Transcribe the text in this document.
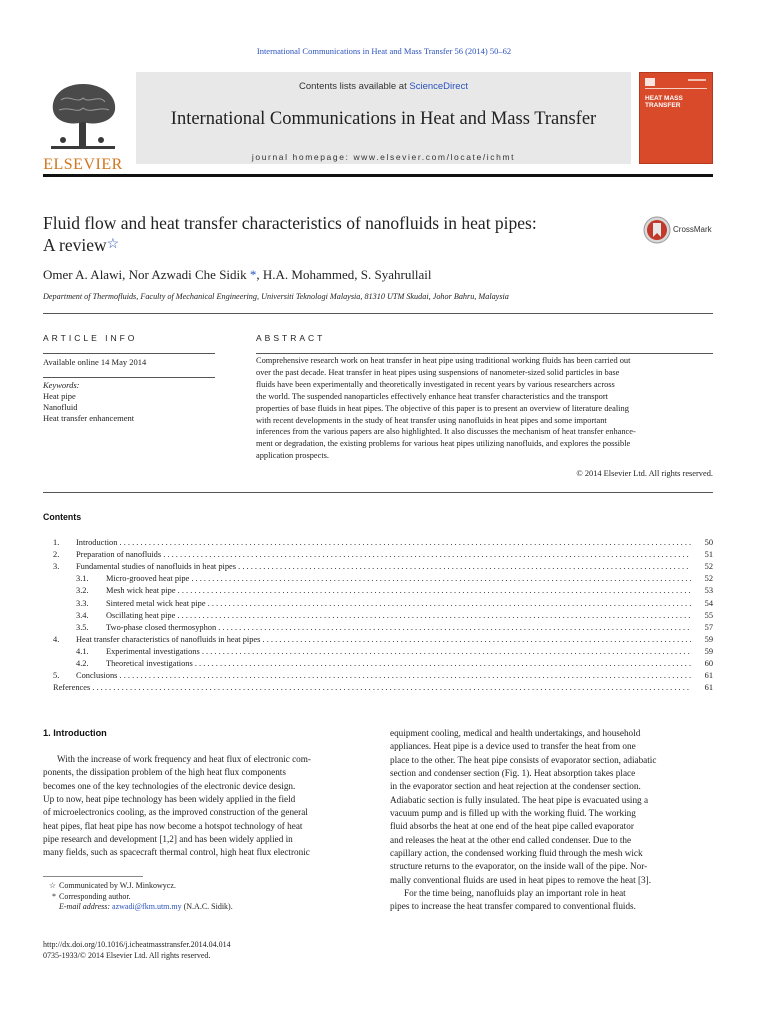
International Communications in Heat and Mass Transfer 56 (2014) 50–62
ELSEVIER
Contents lists available at ScienceDirect
International Communications in Heat and Mass Transfer
journal homepage: www.elsevier.com/locate/ichmt
HEAT MASS
TRANSFER
Fluid flow and heat transfer characteristics of nanofluids in heat pipes:
A review☆
CrossMark
Omer A. Alawi, Nor Azwadi Che Sidik *, H.A. Mohammed, S. Syahrullail
Department of Thermofluids, Faculty of Mechanical Engineering, Universiti Teknologi Malaysia, 81310 UTM Skudai, Johor Bahru, Malaysia
ARTICLE INFO
Available online 14 May 2014
Keywords:
Heat pipe
Nanofluid
Heat transfer enhancement
ABSTRACT
Comprehensive research work on heat transfer in heat pipe using traditional working fluids has been carried out
over the past decade. Heat transfer in heat pipes using suspensions of nanometer-sized solid particles in base
fluids have been experimentally and theoretically investigated in recent years by various researchers across
the world. The suspended nanoparticles effectively enhance heat transfer characteristics and the transport
properties of base fluids in heat pipes. The objective of this paper is to present an overview of literature dealing
with recent developments in the study of heat transfer using nanofluids in heat pipes and some important
inferences from the various papers are also highlighted. It also discusses the mechanism of heat transfer enhance-
ment or degradation, the existing problems for various heat pipes utilizing nanofluids, and explores the possible
application prospects.
© 2014 Elsevier Ltd. All rights reserved.
Contents
1. Introduction . . .	50
2. Preparation of nanofluids . . .	51
3. Fundamental studies of nanofluids in heat pipes . . .	52
3.1. Micro-grooved heat pipe . . .	52
3.2. Mesh wick heat pipe . . .	53
3.3. Sintered metal wick heat pipe . . .	54
3.4. Oscillating heat pipe . . .	55
3.5. Two-phase closed thermosyphon . . .	57
4. Heat transfer characteristics of nanofluids in heat pipes . . .	59
4.1. Experimental investigations . . .	59
4.2. Theoretical investigations . . .	60
5. Conclusions . . .	61
References . . .	61
1. Introduction
With the increase of work frequency and heat flux of electronic com-
ponents, the dissipation problem of the high heat flux components
becomes one of the key technologies of the electronic device design.
Up to now, heat pipe technology has been widely applied in the field
of microelectronics cooling, as the improved construction of the general
heat pipes, flat heat pipe has now become a hotspot technology of heat
pipe research and development [1,2] and has been widely applied in
many fields, such as spacecraft thermal control, high heat flux electronic
equipment cooling, medical and health undertakings, and household
appliances. Heat pipe is a device used to transfer the heat from one
place to the other. The heat pipe consists of evaporator section, adiabatic
section and condenser section (Fig. 1). Heat absorption takes place
in the evaporator section and heat rejection at the condenser section.
Adiabatic section is fully insulated. The heat pipe is evacuated using a
vacuum pump and is filled up with the working fluid. The working
fluid absorbs the heat at one end of the heat pipe called evaporator
and releases the heat at the other end called condenser. Due to the
capillary action, the condensed working fluid through the mesh wick
structure returns to the evaporator, on the inside wall of the pipe. Nor-
mally conventional fluids are used in heat pipes to remove the heat [3].
For the time being, nanofluids play an important role in heat
pipes to increase the heat transfer compared to conventional fluids.
☆ Communicated by W.J. Minkowycz.
* Corresponding author.
E-mail address: azwadi@fkm.utm.my (N.A.C. Sidik).
http://dx.doi.org/10.1016/j.icheatmasstransfer.2014.04.014
0735-1933/© 2014 Elsevier Ltd. All rights reserved.
